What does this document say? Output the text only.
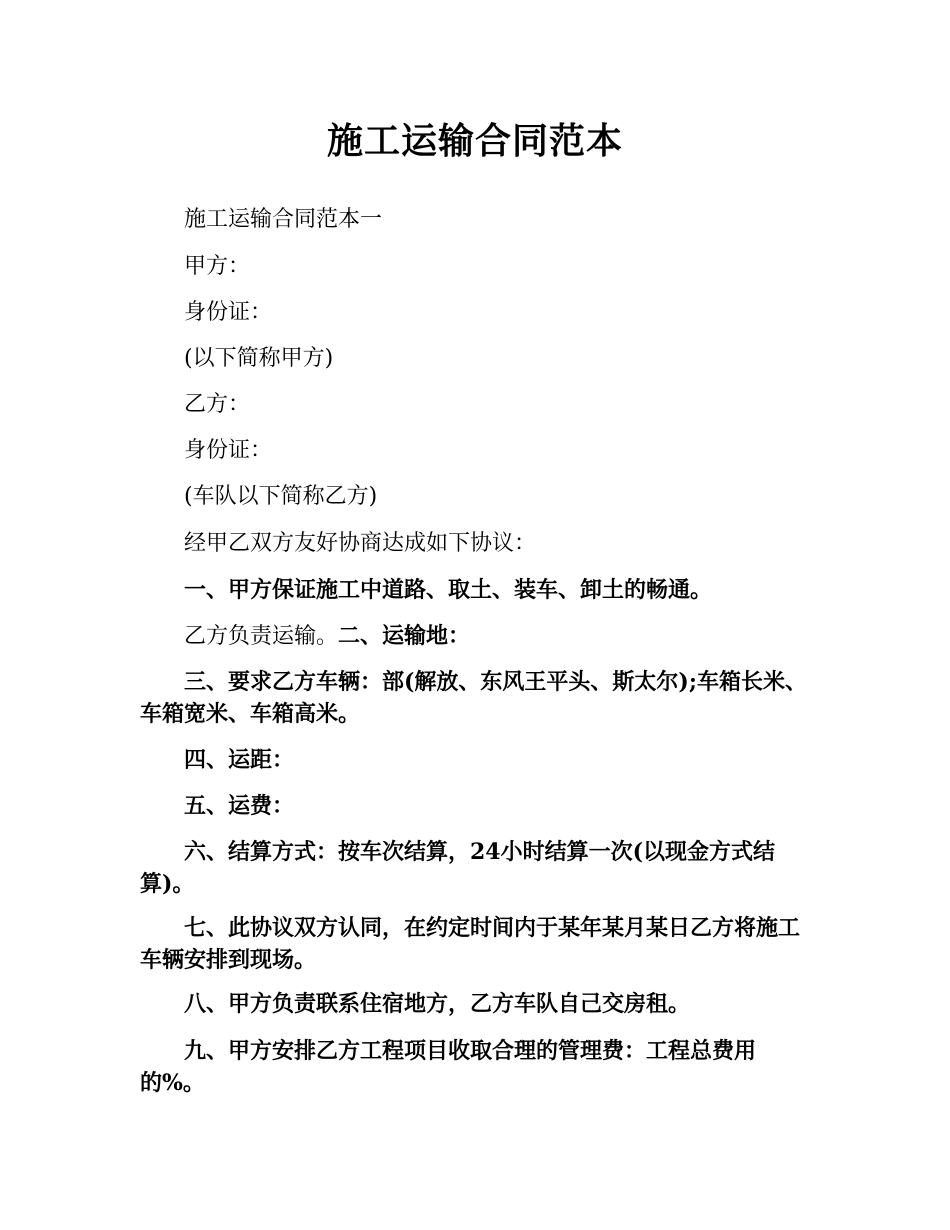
施工运输合同范本
施工运输合同范本一
甲方：
身份证：
(以下简称甲方)
乙方：
身份证：
(车队以下简称乙方)
经甲乙双方友好协商达成如下协议：
一、甲方保证施工中道路、取土、装车、卸土的畅通。
乙方负责运输。二、运输地：
三、要求乙方车辆：部(解放、东风王平头、斯太尔);车箱长米、车箱宽米、车箱高米。
四、运距：
五、运费：
六、结算方式：按车次结算，24小时结算一次(以现金方式结算)。
七、此协议双方认同，在约定时间内于某年某月某日乙方将施工车辆安排到现场。
八、甲方负责联系住宿地方，乙方车队自己交房租。
九、甲方安排乙方工程项目收取合理的管理费：工程总费用的%。
